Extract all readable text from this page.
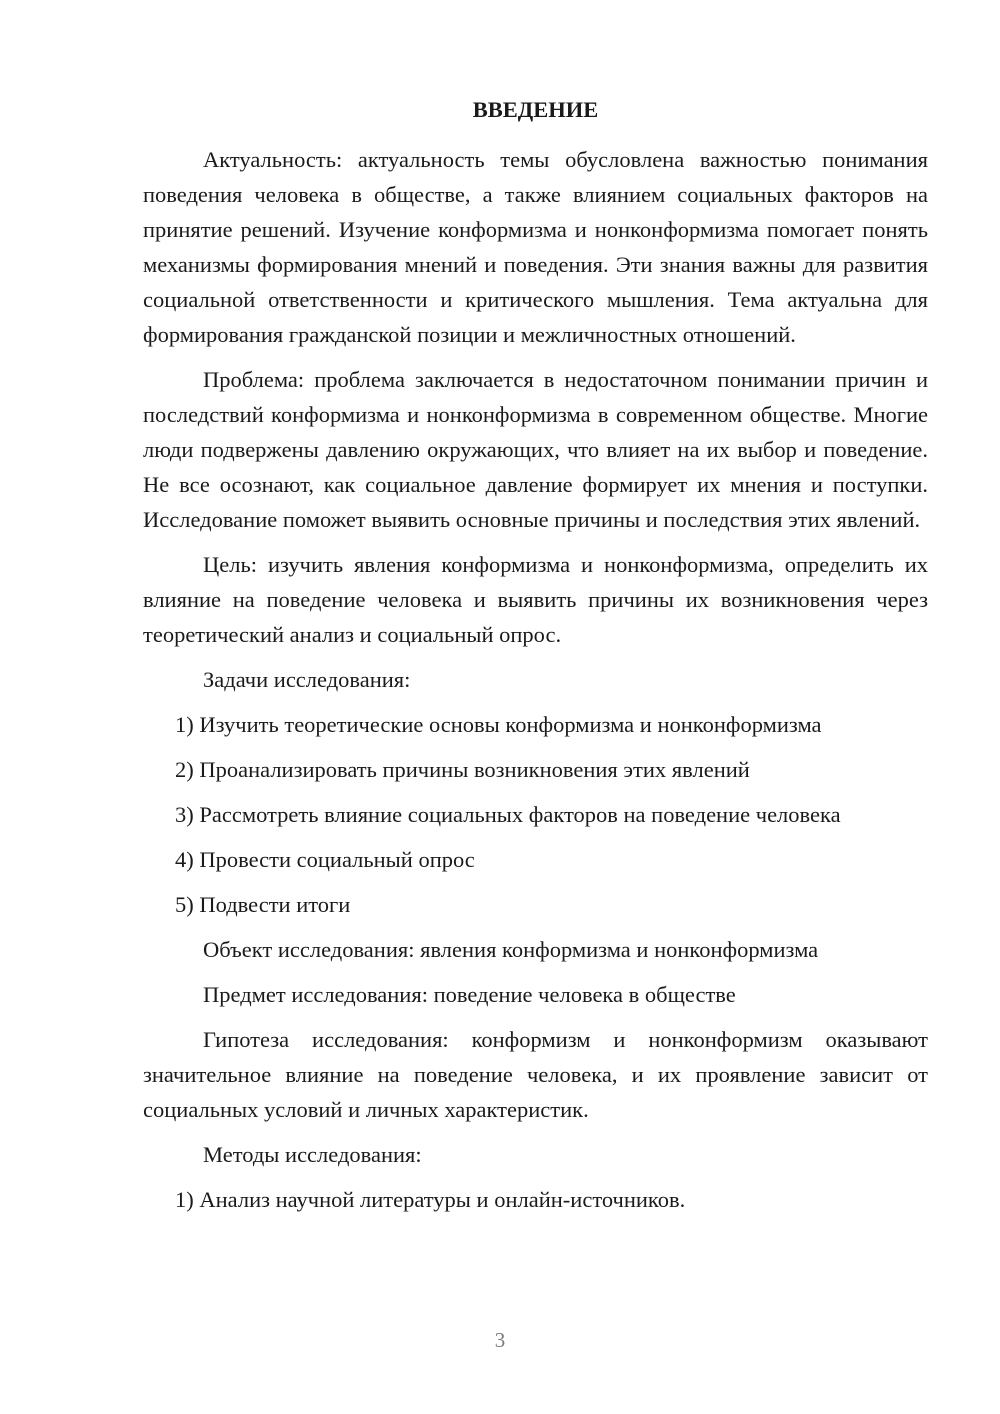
ВВЕДЕНИЕ

Актуальность: актуальность темы обусловлена важностью понимания поведения человека в обществе, а также влиянием социальных факторов на принятие решений. Изучение конформизма и нонконформизма помогает понять механизмы формирования мнений и поведения. Эти знания важны для развития социальной ответственности и критического мышления. Тема актуальна для формирования гражданской позиции и межличностных отношений.

Проблема: проблема заключается в недостаточном понимании причин и последствий конформизма и нонконформизма в современном обществе. Многие люди подвержены давлению окружающих, что влияет на их выбор и поведение. Не все осознают, как социальное давление формирует их мнения и поступки. Исследование поможет выявить основные причины и последствия этих явлений.

Цель: изучить явления конформизма и нонконформизма, определить их влияние на поведение человека и выявить причины их возникновения через теоретический анализ и социальный опрос.

Задачи исследования:
1) Изучить теоретические основы конформизма и нонконформизма
2) Проанализировать причины возникновения этих явлений
3) Рассмотреть влияние социальных факторов на поведение человека
4) Провести социальный опрос
5) Подвести итоги
Объект исследования: явления конформизма и нонконформизма
Предмет исследования: поведение человека в обществе

Гипотеза исследования: конформизм и нонконформизм оказывают значительное влияние на поведение человека, и их проявление зависит от социальных условий и личных характеристик.

Методы исследования:
1) Анализ научной литературы и онлайн-источников.
3
